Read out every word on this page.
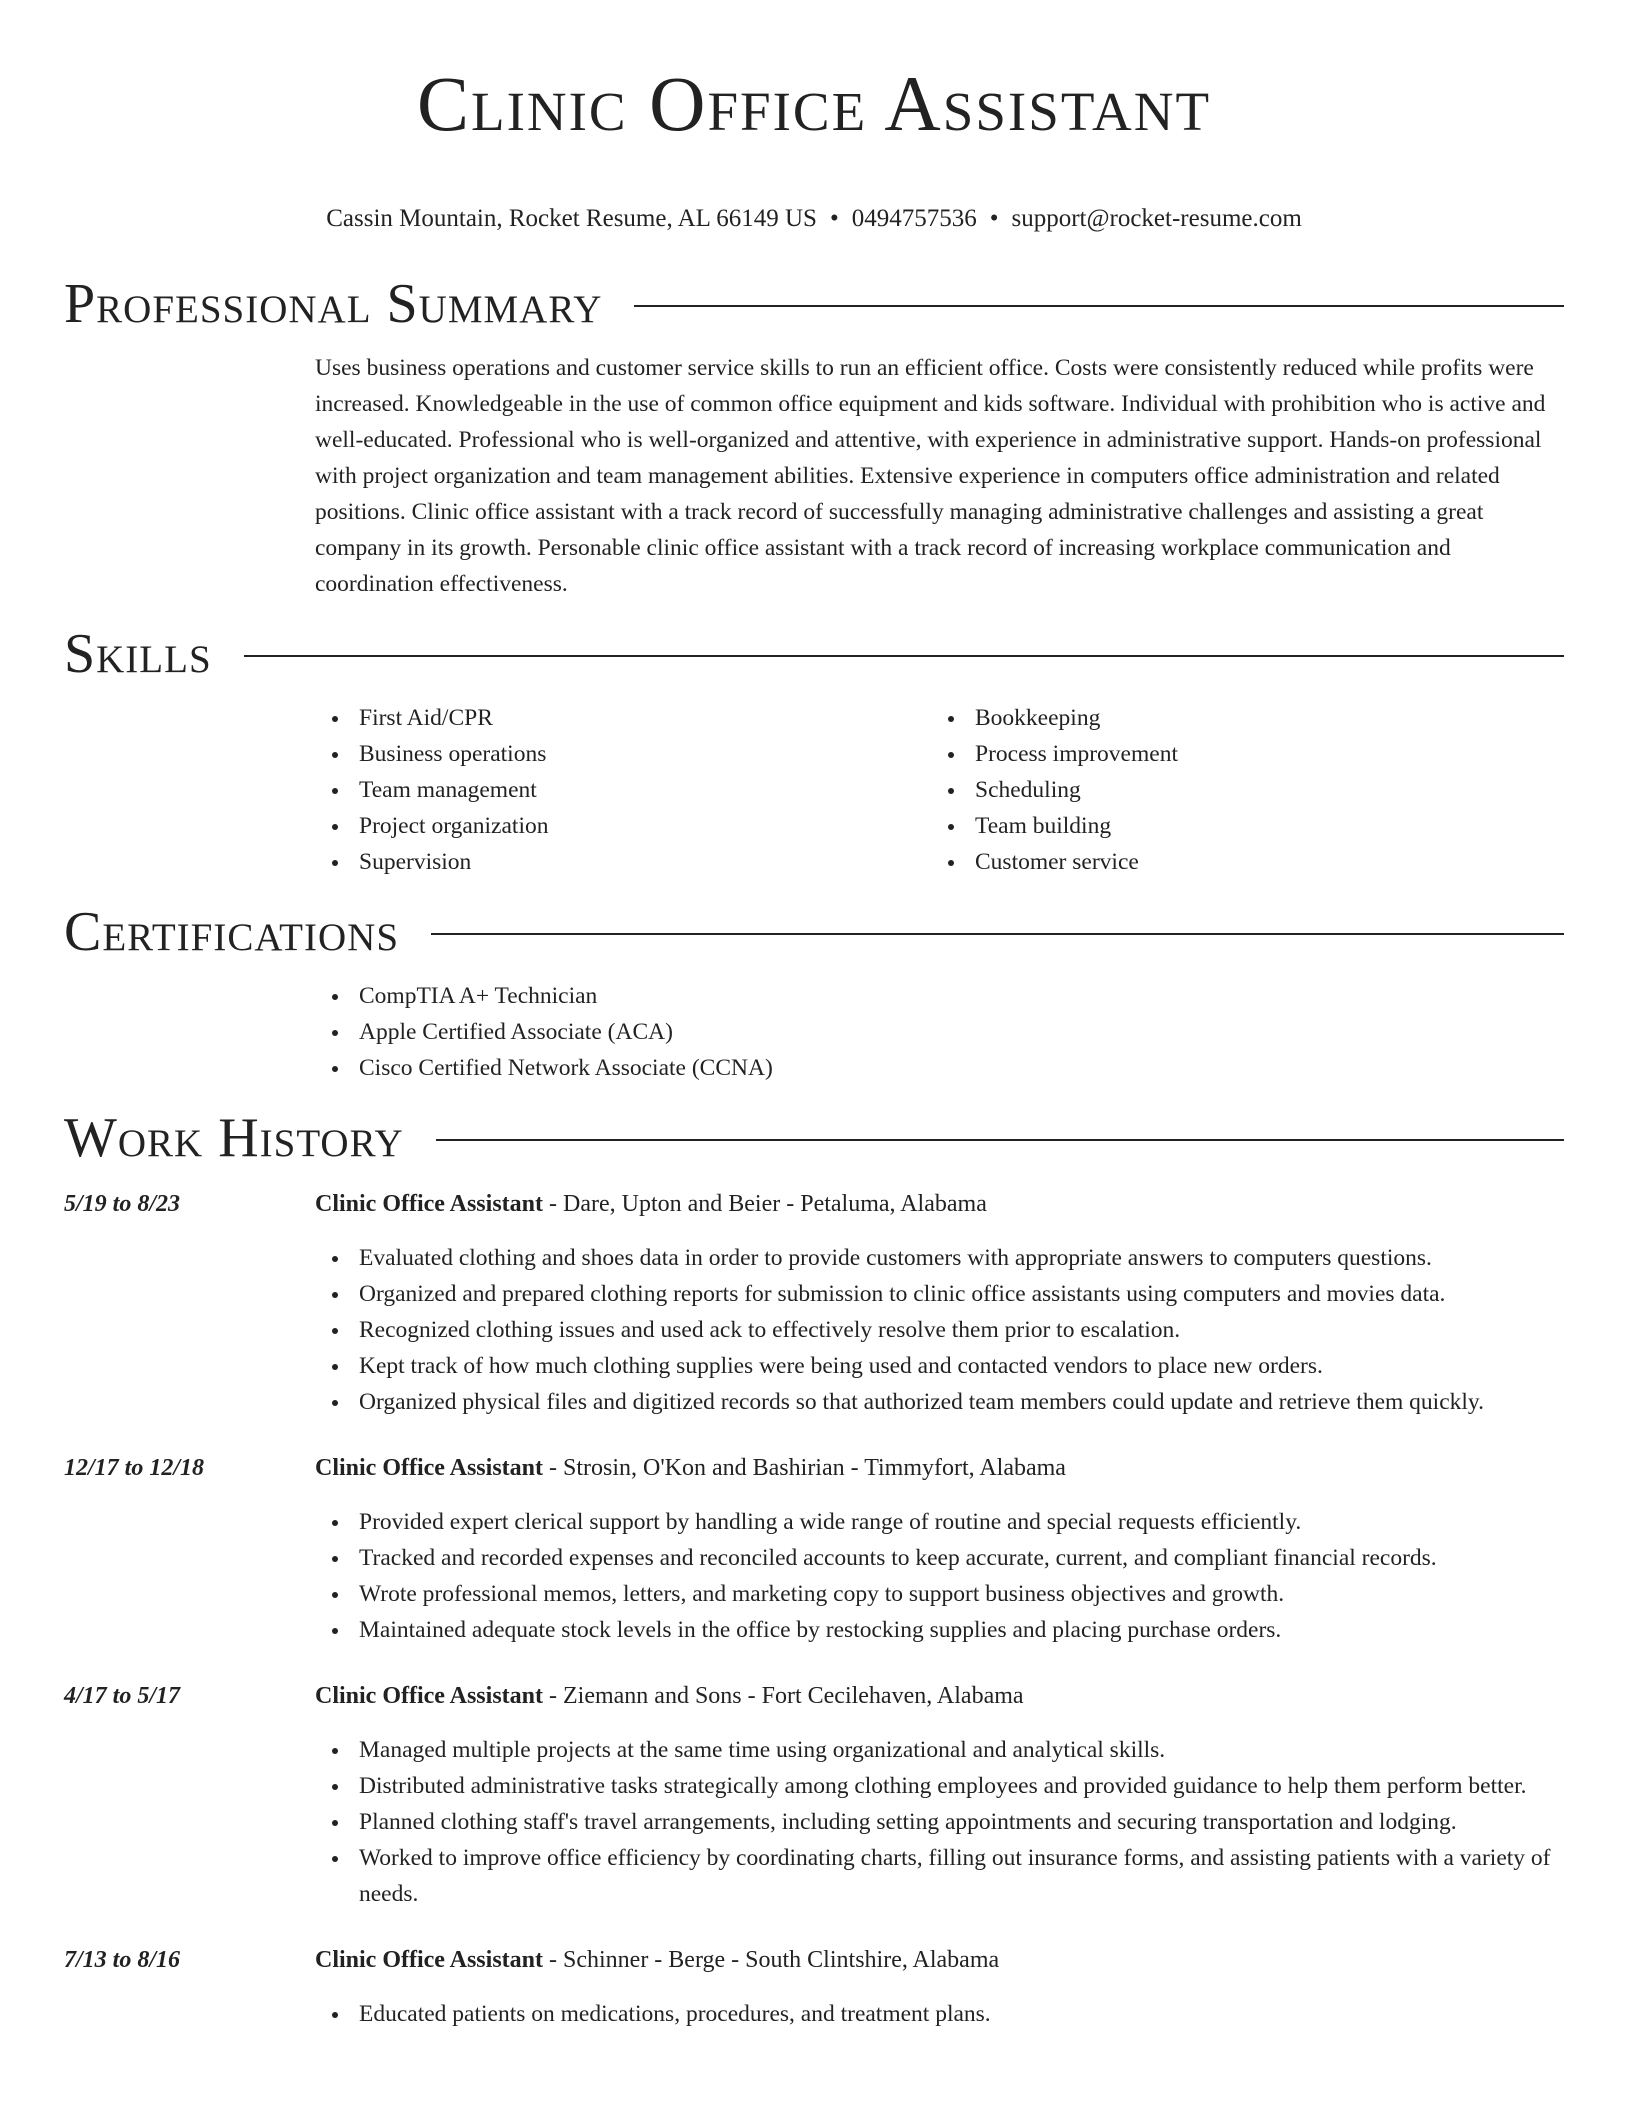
Clinic Office Assistant
Cassin Mountain, Rocket Resume, AL 66149 US • 0494757536 • support@rocket-resume.com
Professional Summary
Uses business operations and customer service skills to run an efficient office. Costs were consistently reduced while profits were increased. Knowledgeable in the use of common office equipment and kids software. Individual with prohibition who is active and well-educated. Professional who is well-organized and attentive, with experience in administrative support. Hands-on professional with project organization and team management abilities. Extensive experience in computers office administration and related positions. Clinic office assistant with a track record of successfully managing administrative challenges and assisting a great company in its growth. Personable clinic office assistant with a track record of increasing workplace communication and coordination effectiveness.
Skills
First Aid/CPR
Business operations
Team management
Project organization
Supervision
Bookkeeping
Process improvement
Scheduling
Team building
Customer service
Certifications
CompTIA A+ Technician
Apple Certified Associate (ACA)
Cisco Certified Network Associate (CCNA)
Work History
5/19 to 8/23	Clinic Office Assistant - Dare, Upton and Beier - Petaluma, Alabama
Evaluated clothing and shoes data in order to provide customers with appropriate answers to computers questions.
Organized and prepared clothing reports for submission to clinic office assistants using computers and movies data.
Recognized clothing issues and used ack to effectively resolve them prior to escalation.
Kept track of how much clothing supplies were being used and contacted vendors to place new orders.
Organized physical files and digitized records so that authorized team members could update and retrieve them quickly.
12/17 to 12/18	Clinic Office Assistant - Strosin, O'Kon and Bashirian - Timmyfort, Alabama
Provided expert clerical support by handling a wide range of routine and special requests efficiently.
Tracked and recorded expenses and reconciled accounts to keep accurate, current, and compliant financial records.
Wrote professional memos, letters, and marketing copy to support business objectives and growth.
Maintained adequate stock levels in the office by restocking supplies and placing purchase orders.
4/17 to 5/17	Clinic Office Assistant - Ziemann and Sons - Fort Cecilehaven, Alabama
Managed multiple projects at the same time using organizational and analytical skills.
Distributed administrative tasks strategically among clothing employees and provided guidance to help them perform better.
Planned clothing staff's travel arrangements, including setting appointments and securing transportation and lodging.
Worked to improve office efficiency by coordinating charts, filling out insurance forms, and assisting patients with a variety of needs.
7/13 to 8/16	Clinic Office Assistant - Schinner - Berge - South Clintshire, Alabama
Educated patients on medications, procedures, and treatment plans.
